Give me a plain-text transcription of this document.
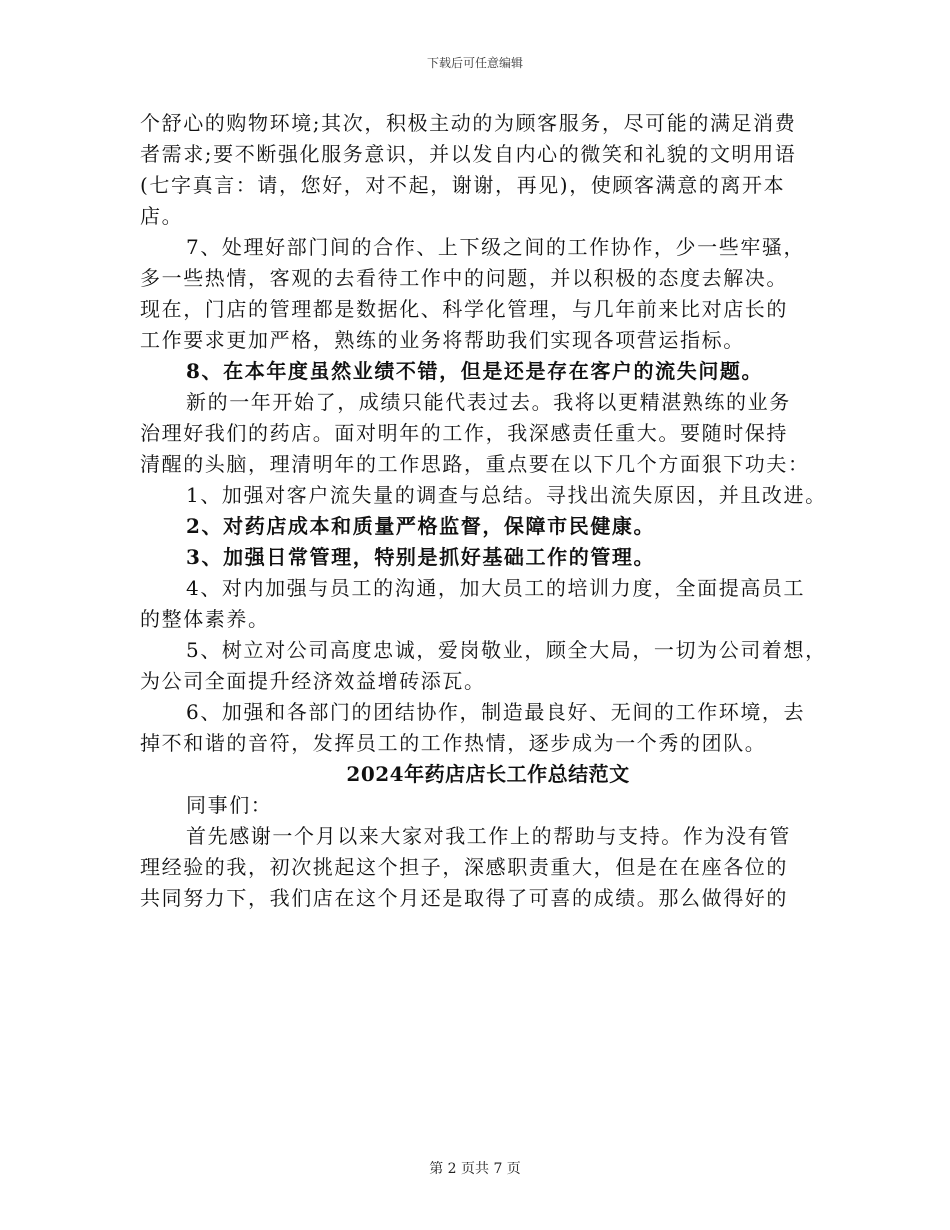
下载后可任意编辑
个舒心的购物环境;其次，积极主动的为顾客服务，尽可能的满足消费
者需求;要不断强化服务意识，并以发自内心的微笑和礼貌的文明用语
(七字真言：请，您好，对不起，谢谢，再见)，使顾客满意的离开本
店。
7、处理好部门间的合作、上下级之间的工作协作，少一些牢骚，
多一些热情，客观的去看待工作中的问题，并以积极的态度去解决。
现在，门店的管理都是数据化、科学化管理，与几年前来比对店长的
工作要求更加严格，熟练的业务将帮助我们实现各项营运指标。
8、在本年度虽然业绩不错，但是还是存在客户的流失问题。
新的一年开始了，成绩只能代表过去。我将以更精湛熟练的业务
治理好我们的药店。面对明年的工作，我深感责任重大。要随时保持
清醒的头脑，理清明年的工作思路，重点要在以下几个方面狠下功夫：
1、加强对客户流失量的调查与总结。寻找出流失原因，并且改进。
2、对药店成本和质量严格监督，保障市民健康。
3、加强日常管理，特别是抓好基础工作的管理。
4、对内加强与员工的沟通，加大员工的培训力度，全面提高员工
的整体素养。
5、树立对公司高度忠诚，爱岗敬业，顾全大局，一切为公司着想，
为公司全面提升经济效益增砖添瓦。
6、加强和各部门的团结协作，制造最良好、无间的工作环境，去
掉不和谐的音符，发挥员工的工作热情，逐步成为一个秀的团队。
2024年药店店长工作总结范文
同事们：
首先感谢一个月以来大家对我工作上的帮助与支持。作为没有管
理经验的我，初次挑起这个担子，深感职责重大，但是在在座各位的
共同努力下，我们店在这个月还是取得了可喜的成绩。那么做得好的
第 2 页共 7 页
